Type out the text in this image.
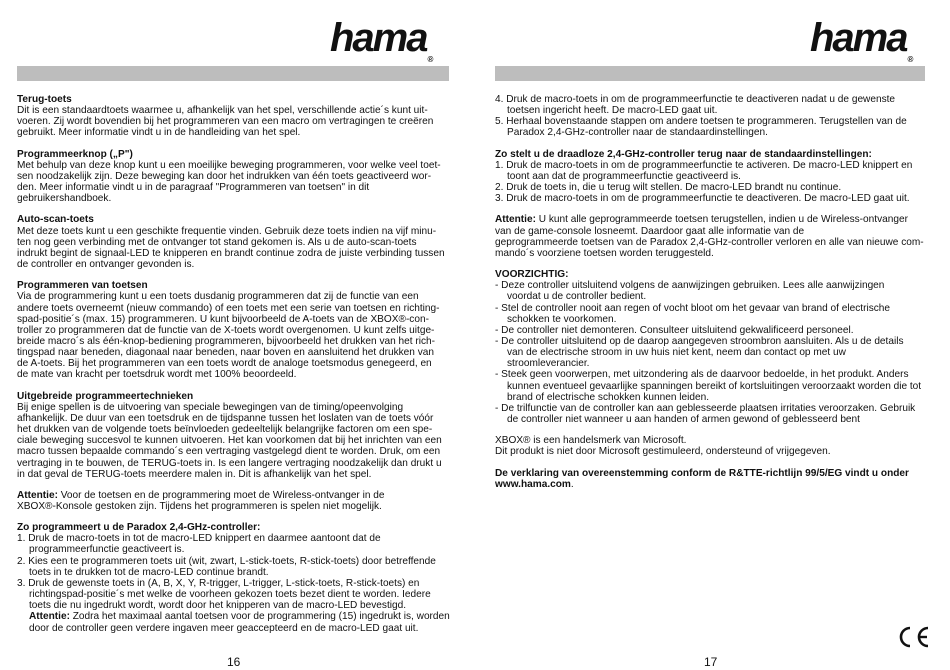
hama®
Terug-toets
Dit is een standaardtoets waarmee u, afhankelijk van het spel, verschillende actie´s kunt uit-
voeren. Zij wordt bovendien bij het programmeren van een macro om vertragingen te creëren
gebruikt. Meer informatie vindt u in de handleiding van het spel.
Programmeerknop („P")
Met behulp van deze knop kunt u een moeilijke beweging programmeren, voor welke veel toet-
sen noodzakelijk zijn. Deze beweging kan door het indrukken van één toets geactiveerd wor-
den. Meer informatie vindt u in de paragraaf "Programmeren van toetsen" in dit
gebruikershandboek.
Auto-scan-toets
Met deze toets kunt u een geschikte frequentie vinden. Gebruik deze toets indien na vijf minu-
ten nog geen verbinding met de ontvanger tot stand gekomen is. Als u de auto-scan-toets
indrukt begint de signaal-LED te knipperen en brandt continue zodra de juiste verbinding tussen
de controller en ontvanger gevonden is.
Programmeren van toetsen
Via de programmering kunt u een toets dusdanig programmeren dat zij de functie van een
andere toets overneemt (nieuw commando) of een toets met een serie van toetsen en richting-
spad-positie´s (max. 15) programmeren. U kunt bijvoorbeeld de A-toets van de XBOX®-con-
troller zo programmeren dat de functie van de X-toets wordt overgenomen. U kunt zelfs uitge-
breide macro´s als één-knop-bediening programmeren, bijvoorbeeld het drukken van het rich-
tingspad naar beneden, diagonaal naar beneden, naar boven en aansluitend het drukken van
de A-toets. Bij het programmeren van een toets wordt de analoge toetsmodus genegeerd, en
de mate van kracht per toetsdruk wordt met 100% beoordeeld.
Uitgebreide programmeertechnieken
Bij enige spellen is de uitvoering van speciale bewegingen van de timing/opeenvolging
afhankelijk. De duur van een toetsdruk en de tijdspanne tussen het loslaten van de toets vóór
het drukken van de volgende toets beïnvloeden gedeeltelijk belangrijke factoren om een spe-
ciale beweging succesvol te kunnen uitvoeren. Het kan voorkomen dat bij het inrichten van een
macro tussen bepaalde commando´s een vertraging vastgelegd dient te worden. Druk, om een
vertraging in te bouwen, de TERUG-toets in. Is een langere vertraging noodzakelijk dan drukt u
in dat geval de TERUG-toets meerdere malen in. Dit is afhankelijk van het spel.
Attentie: Voor de toetsen en de programmering moet de Wireless-ontvanger in de
XBOX®-Konsole gestoken zijn. Tijdens het programmeren is spelen niet mogelijk.
Zo programmeert u de Paradox 2,4-GHz-controller:
1. Druk de macro-toets in tot de macro-LED knippert en daarmee aantoont dat de
programmeerfunctie geactiveert is.
2. Kies een te programmeren toets uit (wit, zwart, L-stick-toets, R-stick-toets) door betreffende
toets in te drukken tot de macro-LED continue brandt.
3. Druk de gewenste toets in (A, B, X, Y, R-trigger, L-trigger, L-stick-toets, R-stick-toets) en
richtingspad-positie´s met welke de voorheen gekozen toets bezet dient te worden. Iedere
toets die nu ingedrukt wordt, wordt door het knipperen van de macro-LED bevestigd.
Attentie: Zodra het maximaal aantal toetsen voor de programmering (15) ingedrukt is, worden
door de controller geen verdere ingaven meer geaccepteerd en de macro-LED gaat uit.
16
hama®
4. Druk de macro-toets in om de programmeerfunctie te deactiveren nadat u de gewenste
toetsen ingericht heeft. De macro-LED gaat uit.
5. Herhaal bovenstaande stappen om andere toetsen te programmeren. Terugstellen van de
Paradox 2,4-GHz-controller naar de standaardinstellingen.
Zo stelt u de draadloze 2,4-GHz-controller terug naar de standaardinstellingen:
1. Druk de macro-toets in om de programmeerfunctie te activeren. De macro-LED knippert en
toont aan dat de programmeerfunctie geactiveerd is.
2. Druk de toets in, die u terug wilt stellen. De macro-LED brandt nu continue.
3. Druk de macro-toets in om de programmeerfunctie te deactiveren. De macro-LED gaat uit.
Attentie: U kunt alle geprogrammeerde toetsen terugstellen, indien u de Wireless-ontvanger
van de game-console losneemt. Daardoor gaat alle informatie van de
geprogrammeerde toetsen van de Paradox 2,4-GHz-controller verloren en alle van nieuwe com-
mando´s voorziene toetsen worden teruggesteld.
VOORZICHTIG:
- Deze controller uitsluitend volgens de aanwijzingen gebruiken. Lees alle aanwijzingen
voordat u de controller bedient.
- Stel de controller nooit aan regen of vocht bloot om het gevaar van brand of electrische
schokken te voorkomen.
- De controller niet demonteren. Consulteer uitsluitend gekwalificeerd personeel.
- De controller uitsluitend op de daarop aangegeven stroombron aansluiten. Als u de details
van de electrische stroom in uw huis niet kent, neem dan contact op met uw
stroomleverancier.
- Steek geen voorwerpen, met uitzondering als de daarvoor bedoelde, in het produkt. Anders
kunnen eventueel gevaarlijke spanningen bereikt of kortsluitingen veroorzaakt worden die tot
brand of electrische schokken kunnen leiden.
- De trilfunctie van de controller kan aan geblesseerde plaatsen irritaties veroorzaken. Gebruik
de controller niet wanneer u aan handen of armen gewond of geblesseerd bent
XBOX® is een handelsmerk van Microsoft.
Dit produkt is niet door Microsoft gestimuleerd, ondersteund of vrijgegeven.
De verklaring van overeenstemming conform de R&TTE-richtlijn 99/5/EG vindt u onder
www.hama.com.
17
